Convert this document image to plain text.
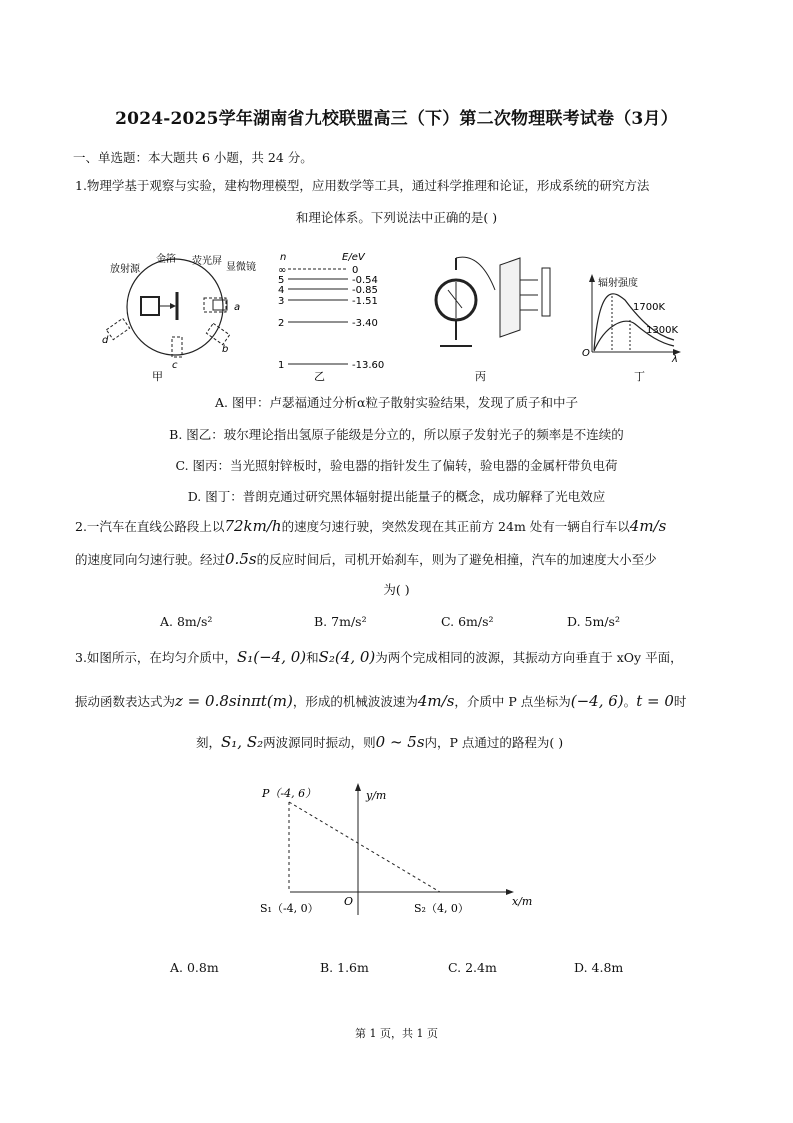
2024-2025学年湖南省九校联盟高三（下）第二次物理联考试卷（3月）
一、单选题：本大题共 6 小题，共 24 分。
1.物理学基于观察与实验，建构物理模型，应用数学等工具，通过科学推理和论证，形成系统的研究方法
和理论体系。下列说法中正确的是( )
放射源
金箔 荧光屏
显微镜
a
b
c
d
甲
n	E/eV
∞
5
4
3
2
1
0
-0.54
-0.85
-1.51
-3.40
-13.60
乙	丙
辐射强度
1700K
1300K
O
λ
丁
A. 图甲：卢瑟福通过分析α粒子散射实验结果，发现了质子和中子
B. 图乙：玻尔理论指出氢原子能级是分立的，所以原子发射光子的频率是不连续的
C. 图丙：当光照射锌板时，验电器的指针发生了偏转，验电器的金属杆带负电荷
D. 图丁：普朗克通过研究黑体辐射提出能量子的概念，成功解释了光电效应
2.一汽车在直线公路段上以72km/h的速度匀速行驶，突然发现在其正前方 24m 处有一辆自行车以4m/s
的速度同向匀速行驶。经过0.5s的反应时间后，司机开始刹车，则为了避免相撞，汽车的加速度大小至少
为( )
A. 8m/s²	B. 7m/s²	C. 6m/s²	D. 5m/s²
3.如图所示，在均匀介质中，S₁(−4, 0)和S₂(4, 0)为两个完成相同的波源，其振动方向垂直于 xOy 平面，
振动函数表达式为z = 0.8sinπt(m)，形成的机械波波速为4m/s，介质中 P 点坐标为(−4, 6)。t = 0时
刻，S₁, S₂两波源同时振动，则0 ~ 5s内，P 点通过的路程为( )
P（-4, 6）	y/m
x/m
O
S₁（-4, 0）	S₂（4, 0）
A. 0.8m	B. 1.6m	C. 2.4m	D. 4.8m
第 1 页，共 1 页
